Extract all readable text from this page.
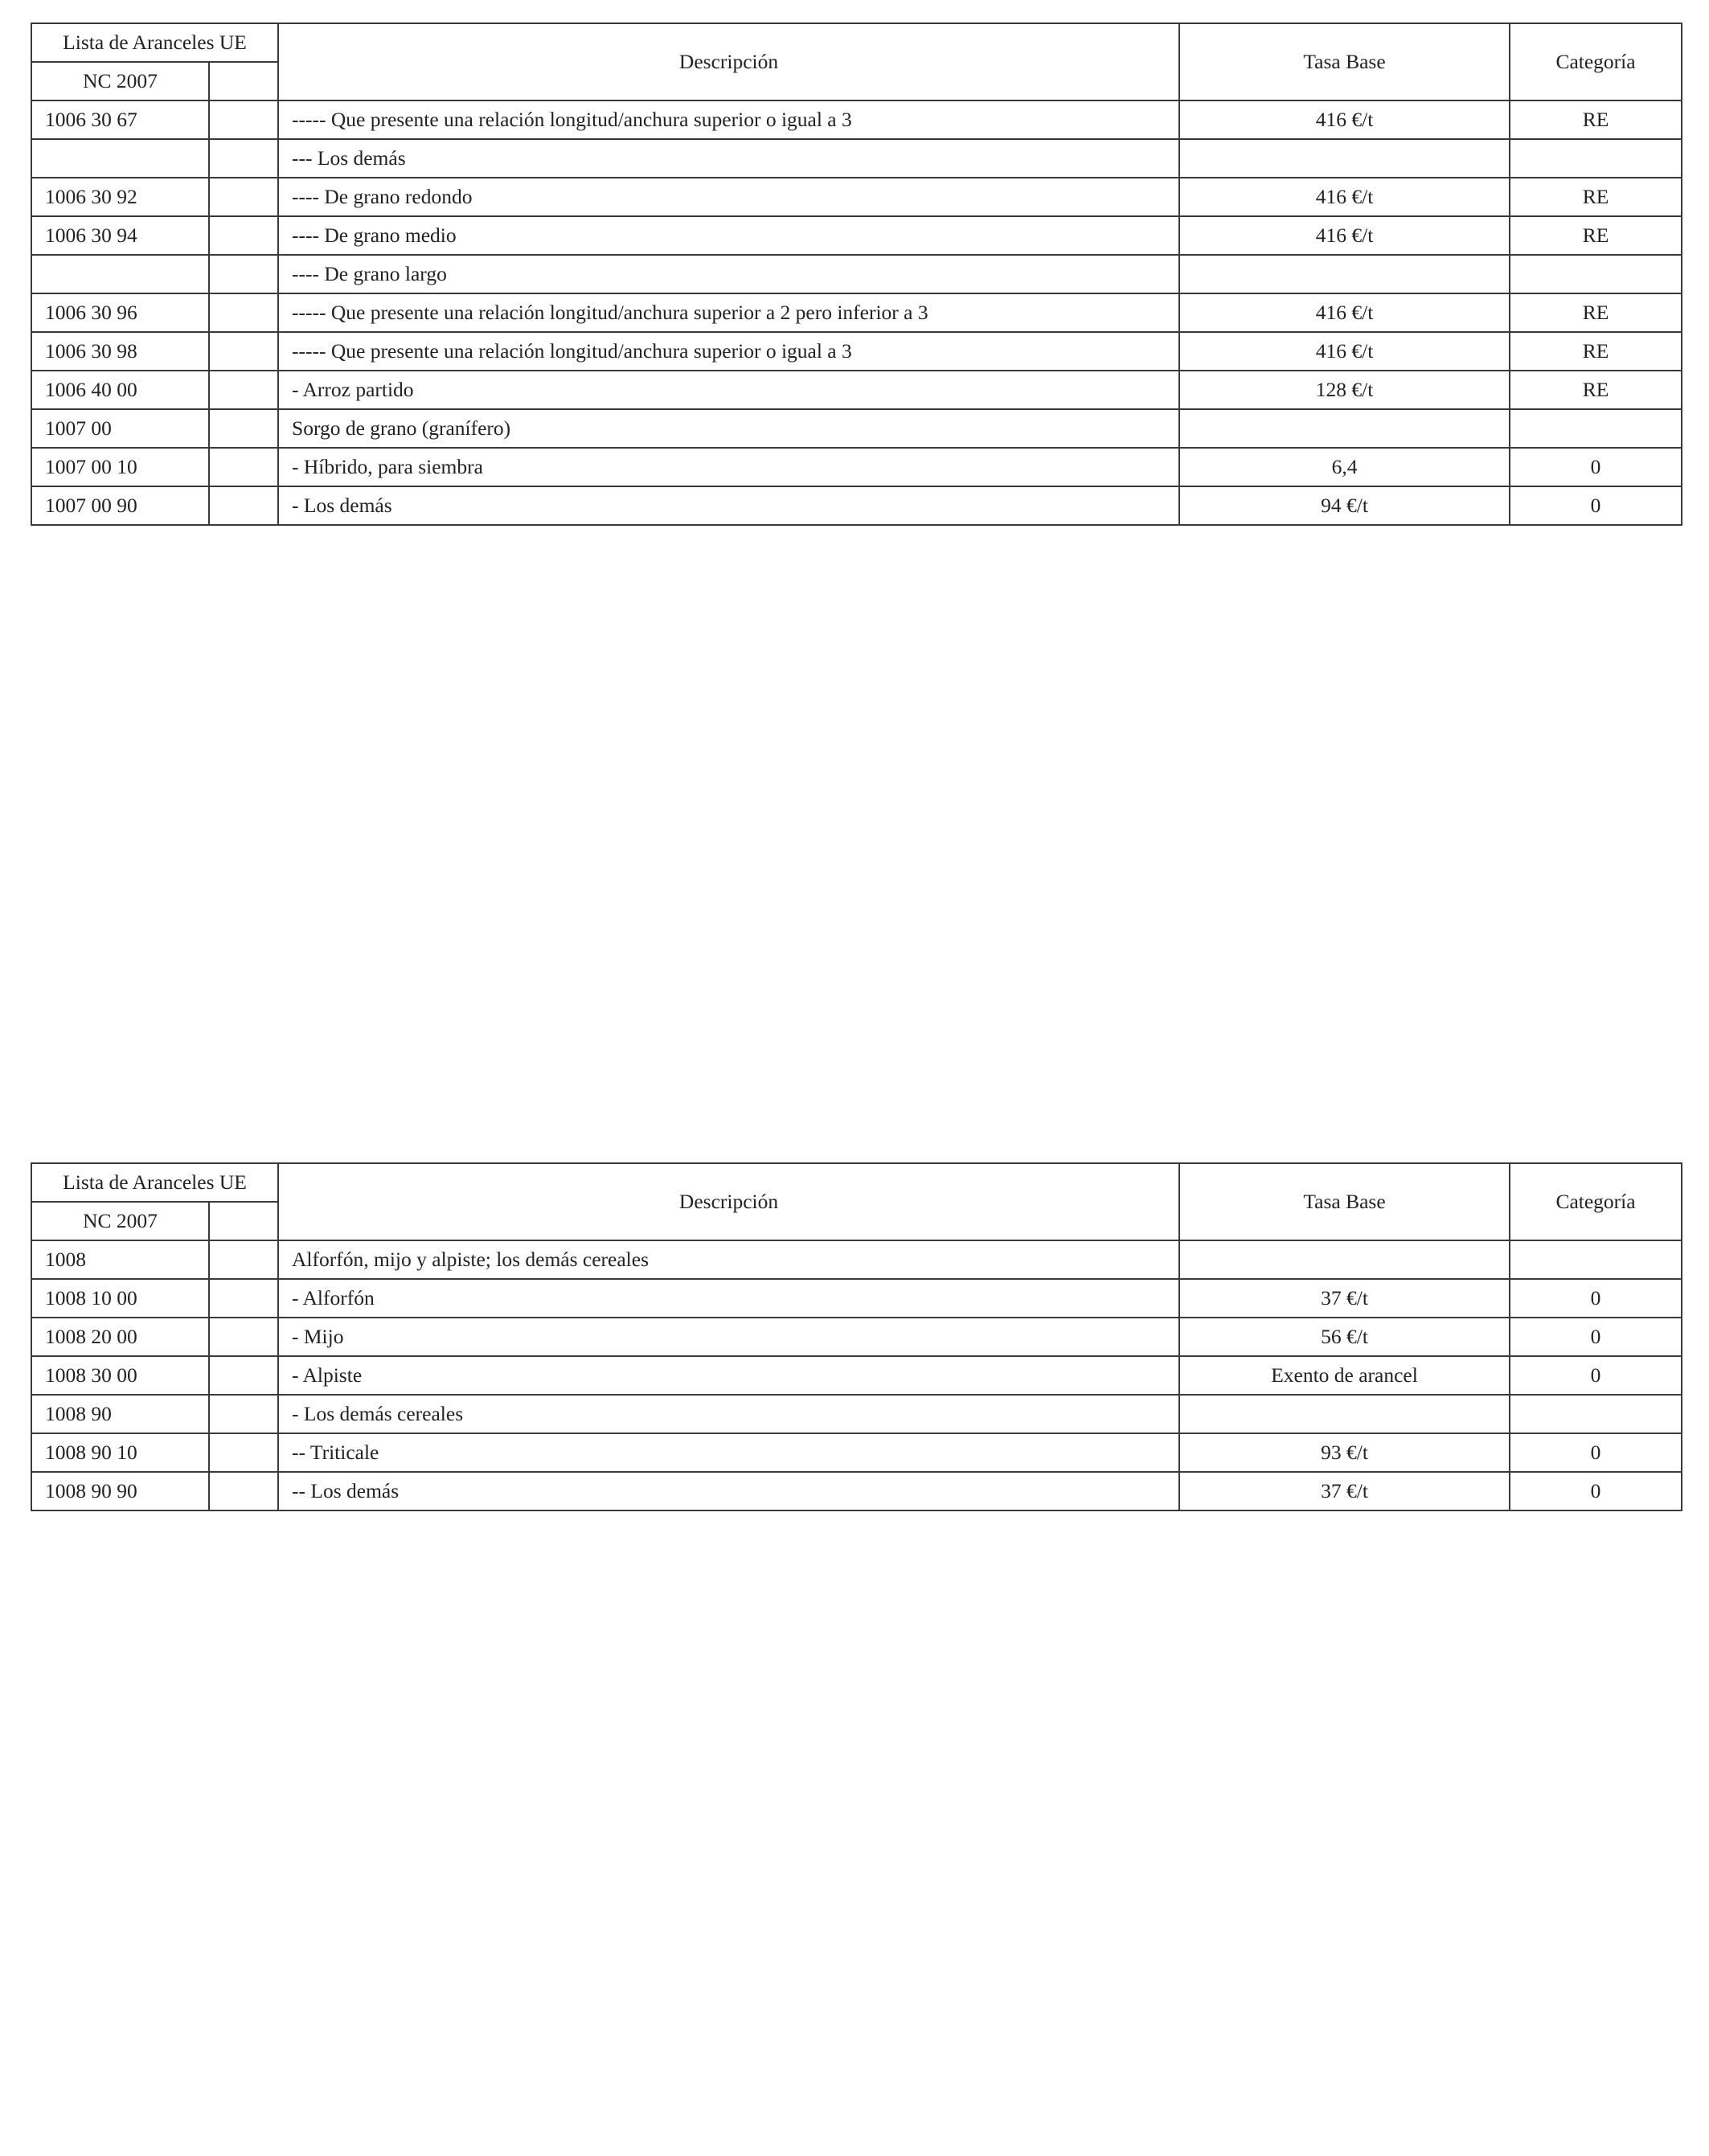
Lista de Aranceles UE		Descripción	Tasa Base	Categoría
NC 2007				
1006 30 67		----- Que presente una relación longitud/anchura superior o igual a 3	416 €/t	RE
		--- Los demás		
1006 30 92		---- De grano redondo	416 €/t	RE
1006 30 94		---- De grano medio	416 €/t	RE
		---- De grano largo		
1006 30 96		----- Que presente una relación longitud/anchura superior a 2 pero inferior a 3	416 €/t	RE
1006 30 98		----- Que presente una relación longitud/anchura superior o igual a 3	416 €/t	RE
1006 40 00		- Arroz partido	128 €/t	RE
1007 00		Sorgo de grano (granífero)		
1007 00 10		- Híbrido, para siembra	6,4	0
1007 00 90		- Los demás	94 €/t	0
Lista de Aranceles UE		Descripción	Tasa Base	Categoría
NC 2007				
1008		Alforfón, mijo y alpiste; los demás cereales		
1008 10 00		- Alforfón	37 €/t	0
1008 20 00		- Mijo	56 €/t	0
1008 30 00		- Alpiste	Exento de arancel	0
1008 90		- Los demás cereales		
1008 90 10		-- Triticale	93 €/t	0
1008 90 90		-- Los demás	37 €/t	0
